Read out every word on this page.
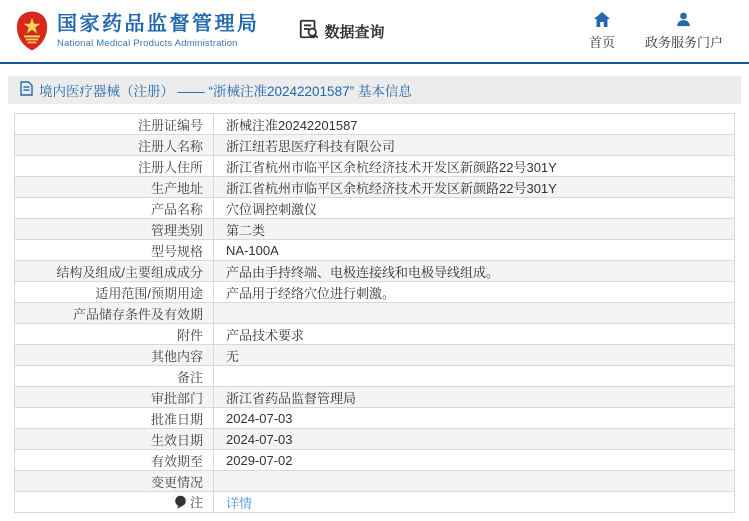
国家药品监督管理局
National Medical Products Administration
数据查询
首页 政务服务门户
境内医疗器械（注册） —— “浙械注准20242201587” 基本信息
注册证编号	浙械注准20242201587
注册人名称	浙江纽若思医疗科技有限公司
注册人住所	浙江省杭州市临平区余杭经济技术开发区新颜路22号301Y
生产地址	浙江省杭州市临平区余杭经济技术开发区新颜路22号301Y
产品名称	穴位调控刺激仪
管理类别	第二类
型号规格	NA-100A
结构及组成/主要组成成分	产品由手持终端、电极连接线和电极导线组成。
适用范围/预期用途	产品用于经络穴位进行刺激。
产品储存条件及有效期	
附件	产品技术要求
其他内容	无
备注	
审批部门	浙江省药品监督管理局
批准日期	2024-07-03
生效日期	2024-07-03
有效期至	2029-07-02
变更情况	
注	详情
